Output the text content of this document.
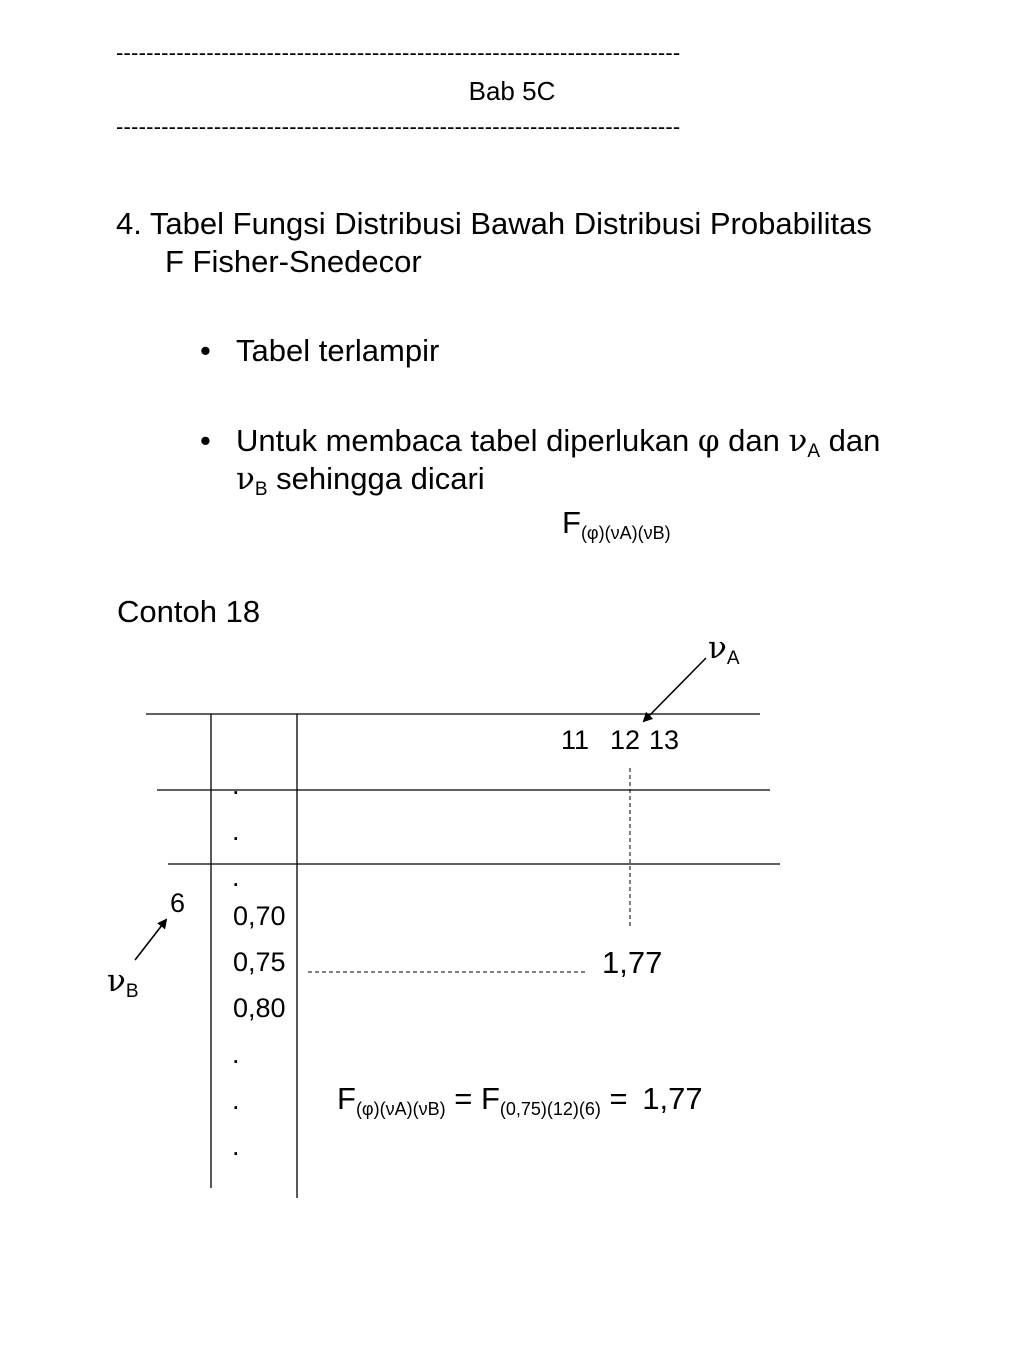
---------------------------------------------------------------------------
Bab 5C
---------------------------------------------------------------------------
4. Tabel Fungsi Distribusi Bawah Distribusi Probabilitas
F Fisher-Snedecor
• Tabel terlampir
• Untuk membaca tabel diperlukan φ dan $\nu_A$ dan
$\nu_B$ sehingga dicari
$F_{(\varphi)(\nu A)(\nu B)}$
Contoh 18
$\nu_A$
$\nu_B$
11 12 13
6
.
.
.
0,70
0,75
0,80
.
.
.
1,77
$F_{(\varphi)(\nu A)(\nu B)} = F_{(0,75)(12)(6)} = 1,77$
